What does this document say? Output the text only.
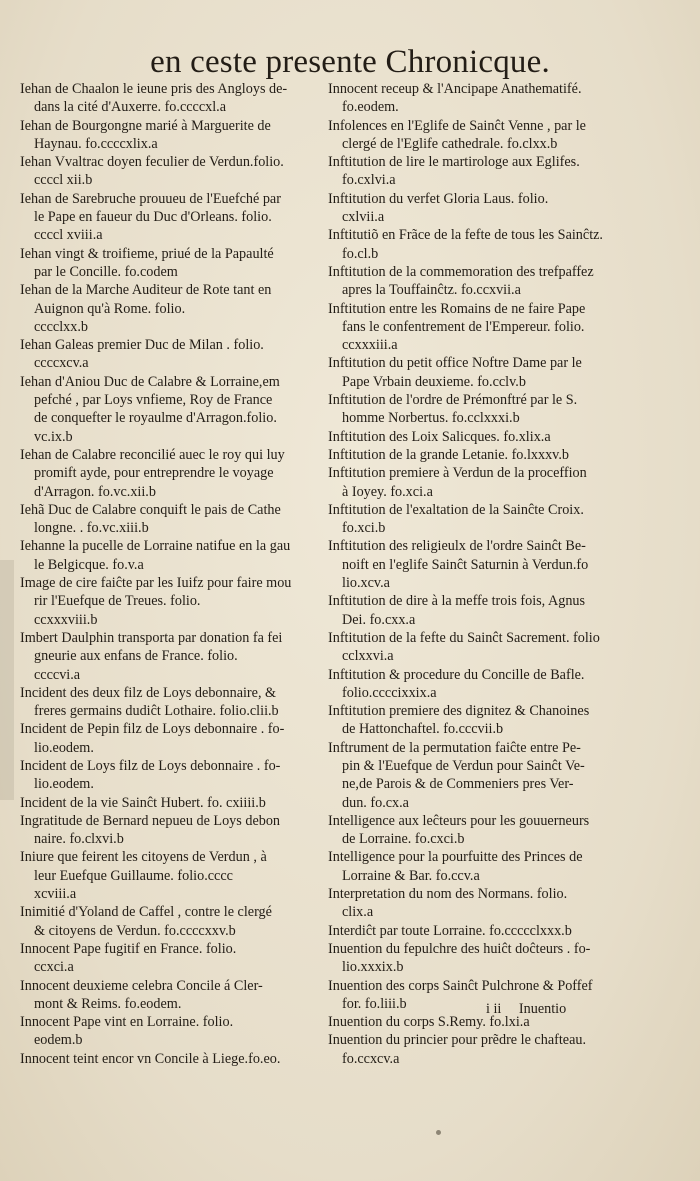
en ceste presente Chronicque.
Iehan de Chaalon le ieune pris des Angloys de-
dans la cité d'Auxerre. fo.ccccxl.a
Iehan de Bourgongne marié à Marguerite de
Haynau. fo.ccccxlix.a
Iehan Vvaltrac doyen feculier de Verdun.folio.
ccccl xii.b
Iehan de Sarebruche prouueu de l'Euefché par
le Pape en faueur du Duc d'Orleans. folio.
ccccl xviii.a
Iehan vingt & troifieme, priué de la Papaulté
par le Concille. fo.codem
Iehan de la Marche Auditeur de Rote tant en
Auignon qu'à Rome. folio.
cccclxx.b
Iehan Galeas premier Duc de Milan . folio.
ccccxcv.a
Iehan d'Aniou Duc de Calabre & Lorraine,em
pefché , par Loys vnfieme, Roy de France
de conquefter le royaulme d'Arragon.folio.
vc.ix.b
Iehan de Calabre reconcilié auec le roy qui luy
promift ayde, pour entreprendre le voyage
d'Arragon. fo.vc.xii.b
Iehã Duc de Calabre conquift le pais de Cathe
longne. . fo.vc.xiii.b
Iehanne la pucelle de Lorraine natifue en la gau
le Belgicque. fo.v.a
Image de cire faiĉte par les Iuifz pour faire mou
rir l'Euefque de Treues. folio.
ccxxxviii.b
Imbert Daulphin transporta par donation fa fei
gneurie aux enfans de France. folio.
ccccvi.a
Incident des deux filz de Loys debonnaire, &
freres germains dudiĉt Lothaire. folio.clii.b
Incident de Pepin filz de Loys debonnaire . fo-
lio.eodem.
Incident de Loys filz de Loys debonnaire . fo-
lio.eodem.
Incident de la vie Sainĉt Hubert. fo. cxiiii.b
Ingratitude de Bernard nepueu de Loys debon
naire. fo.clxvi.b
Iniure que feirent les citoyens de Verdun , à
leur Euefque Guillaume. folio.cccc
xcviii.a
Inimitié d'Yoland de Caffel , contre le clergé
& citoyens de Verdun. fo.ccccxxv.b
Innocent Pape fugitif en France. folio.
ccxci.a
Innocent deuxieme celebra Concile á Cler-
mont & Reims. fo.eodem.
Innocent Pape vint en Lorraine. folio.
eodem.b
Innocent teint encor vn Concile à Liege.fo.eo.
Innocent receup & l'Ancipape Anathematifé.
fo.eodem.
Infolences en l'Eglife de Sainĉt Venne , par le
clergé de l'Eglife cathedrale. fo.clxx.b
Inftitution de lire le martirologe aux Eglifes.
fo.cxlvi.a
Inftitution du verfet Gloria Laus. folio.
cxlvii.a
Inftitutiõ en Frãce de la fefte de tous les Sainĉtz.
fo.cl.b
Inftitution de la commemoration des trefpaffez
apres la Touffainĉtz. fo.ccxvii.a
Inftitution entre les Romains de ne faire Pape
fans le confentrement de l'Empereur. folio.
ccxxxiii.a
Inftitution du petit office Noftre Dame par le
Pape Vrbain deuxieme. fo.cclv.b
Inftitution de l'ordre de Prémonftré par le S.
homme Norbertus. fo.cclxxxi.b
Inftitution des Loix Salicques. fo.xlix.a
Inftitution de la grande Letanie. fo.lxxxv.b
Inftitution premiere à Verdun de la proceffion
à Ioyey. fo.xci.a
Inftitution de l'exaltation de la Sainĉte Croix.
fo.xci.b
Inftitution des religieulx de l'ordre Sainĉt Be-
noift en l'eglife Sainĉt Saturnin à Verdun.fo
lio.xcv.a
Inftitution de dire à la meffe trois fois, Agnus
Dei. fo.cxx.a
Inftitution de la fefte du Sainĉt Sacrement. folio
cclxxvi.a
Inftitution & procedure du Concille de Bafle.
folio.ccccixxix.a
Inftitution premiere des dignitez & Chanoines
de Hattonchaftel. fo.cccvii.b
Inftrument de la permutation faiĉte entre Pe-
pin & l'Euefque de Verdun pour Sainĉt Ve-
ne,de Parois & de Commeniers pres Ver-
dun. fo.cx.a
Intelligence aux leĉteurs pour les gouuerneurs
de Lorraine. fo.cxci.b
Intelligence pour la pourfuitte des Princes de
Lorraine & Bar. fo.ccv.a
Interpretation du nom des Normans. folio.
clix.a
Interdiĉt par toute Lorraine. fo.ccccclxxx.b
Inuention du fepulchre des huiĉt doĉteurs . fo-
lio.xxxix.b
Inuention des corps Sainĉt Pulchrone & Poffef
for. fo.liii.b
Inuention du corps S.Remy. fo.lxi.a
Inuention du princier pour prẽdre le chafteau.
fo.ccxcv.a
i ii Inuentio
